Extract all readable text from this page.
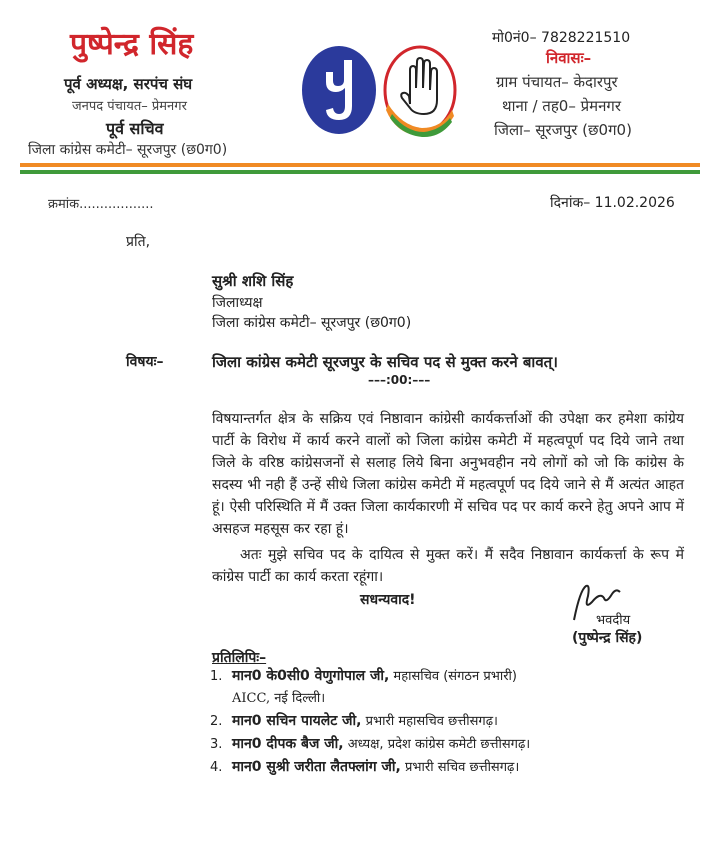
पुष्पेन्द्र सिंह
पूर्व अध्यक्ष, सरपंच संघ
जनपद पंचायत– प्रेमनगर
पूर्व सचिव
जिला कांग्रेस कमेटी– सूरजपुर (छ0ग0)
मो0नं0– 7828221510
निवासः–
ग्राम पंचायत– केदारपुर
थाना / तह0– प्रेमनगर
जिला– सूरजपुर (छ0ग0)
क्रमांक..................	दिनांक– 11.02.2026
प्रति,
सुश्री शशि सिंह
जिलाध्यक्ष
जिला कांग्रेस कमेटी– सूरजपुर (छ0ग0)
विषयः–	जिला कांग्रेस कमेटी सूरजपुर के सचिव पद से मुक्त करने बावत्।
–––:00:–––

विषयान्तर्गत क्षेत्र के सक्रिय एवं निष्ठावान कांग्रेसी कार्यकर्त्ताओं की उपेक्षा कर हमेशा कांग्रेय पार्टी के विरोध में कार्य करने वालों को जिला कांग्रेस कमेटी में महत्वपूर्ण पद दिये जाने तथा जिले के वरिष्ठ कांग्रेसजनों से सलाह लिये बिना अनुभवहीन नये लोगों को जो कि कांग्रेस के सदस्य भी नही हैं उन्हें सीधे जिला कांग्रेस कमेटी में महत्वपूर्ण पद दिये जाने से मैं अत्यंत आहत हूं। ऐसी परिस्थिति में मैं उक्त जिला कार्यकारणी में सचिव पद पर कार्य करने हेतु अपने आप में असहज महसूस कर रहा हूं।

अतः मुझे सचिव पद के दायित्व से मुक्त करें। मैं सदैव निष्ठावान कार्यकर्त्ता के रूप में कांग्रेस पार्टी का कार्य करता रहूंगा।

सधन्यवाद!
भवदीय
(पुष्पेन्द्र सिंह)
प्रतिलिपिः–
1. मान0 के0सी0 वेणुगोपाल जी, महासचिव (संगठन प्रभारी)
AICC, नई दिल्ली।
2. मान0 सचिन पायलेट जी, प्रभारी महासचिव छत्तीसगढ़।
3. मान0 दीपक बैज जी, अध्यक्ष, प्रदेश कांग्रेस कमेटी छत्तीसगढ़।
4. मान0 सुश्री जरीता लैतफ्लांग जी, प्रभारी सचिव छत्तीसगढ़।
